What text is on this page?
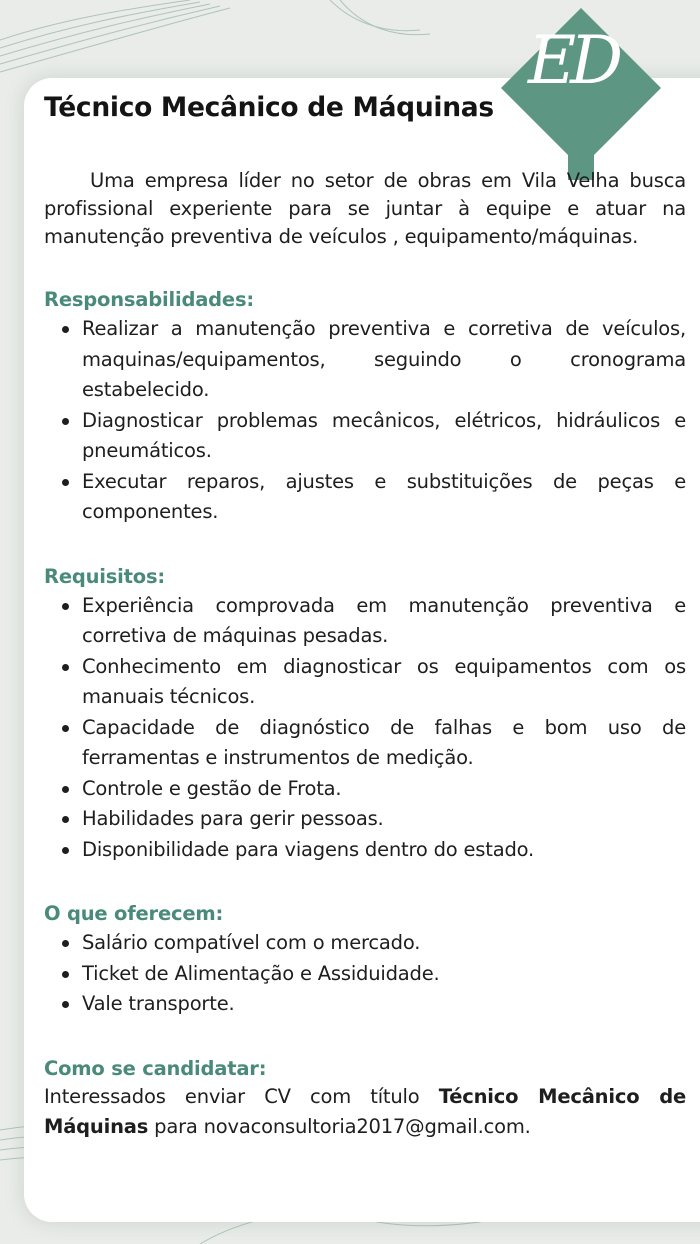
ED
Técnico Mecânico de Máquinas

Uma empresa líder no setor de obras em Vila Velha busca profissional experiente para se juntar à equipe e atuar na manutenção preventiva de veículos , equipamento/máquinas.

Responsabilidades:
Realizar a manutenção preventiva e corretiva de veículos, maquinas/equipamentos, seguindo o cronograma estabelecido.
Diagnosticar problemas mecânicos, elétricos, hidráulicos e pneumáticos.
Executar reparos, ajustes e substituições de peças e componentes.
Requisitos:
Experiência comprovada em manutenção preventiva e corretiva de máquinas pesadas.
Conhecimento em diagnosticar os equipamentos com os manuais técnicos.
Capacidade de diagnóstico de falhas e bom uso de ferramentas e instrumentos de medição.
Controle e gestão de Frota.
Habilidades para gerir pessoas.
Disponibilidade para viagens dentro do estado.
O que oferecem:
Salário compatível com o mercado.
Ticket de Alimentação e Assiduidade.
Vale transporte.
Como se candidatar:

Interessados enviar CV com título Técnico Mecânico de Máquinas para novaconsultoria2017@gmail.com.
